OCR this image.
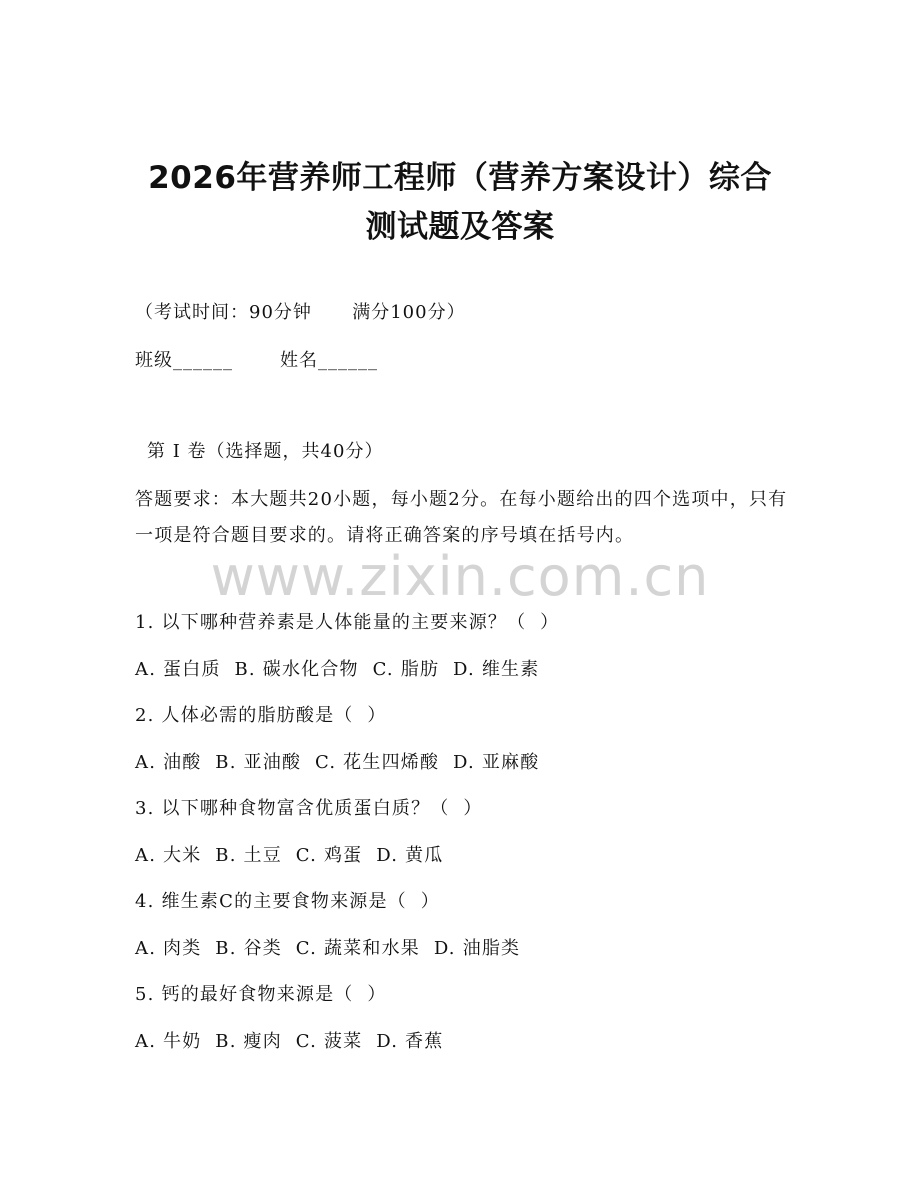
2026年营养师工程师（营养方案设计）综合
测试题及答案

（考试时间：90分钟      满分100分）

班级______       姓名______

第 I 卷（选择题，共40分）

答题要求：本大题共20小题，每小题2分。在每小题给出的四个选项中，只有一项是符合题目要求的。请将正确答案的序号填在括号内。

www.zixin.com.cn

1. 以下哪种营养素是人体能量的主要来源？（  ）

A. 蛋白质  B. 碳水化合物  C. 脂肪  D. 维生素

2. 人体必需的脂肪酸是（  ）

A. 油酸  B. 亚油酸  C. 花生四烯酸  D. 亚麻酸

3. 以下哪种食物富含优质蛋白质？（  ）

A. 大米  B. 土豆  C. 鸡蛋  D. 黄瓜

4. 维生素C的主要食物来源是（  ）

A. 肉类  B. 谷类  C. 蔬菜和水果  D. 油脂类

5. 钙的最好食物来源是（  ）

A. 牛奶  B. 瘦肉  C. 菠菜  D. 香蕉
